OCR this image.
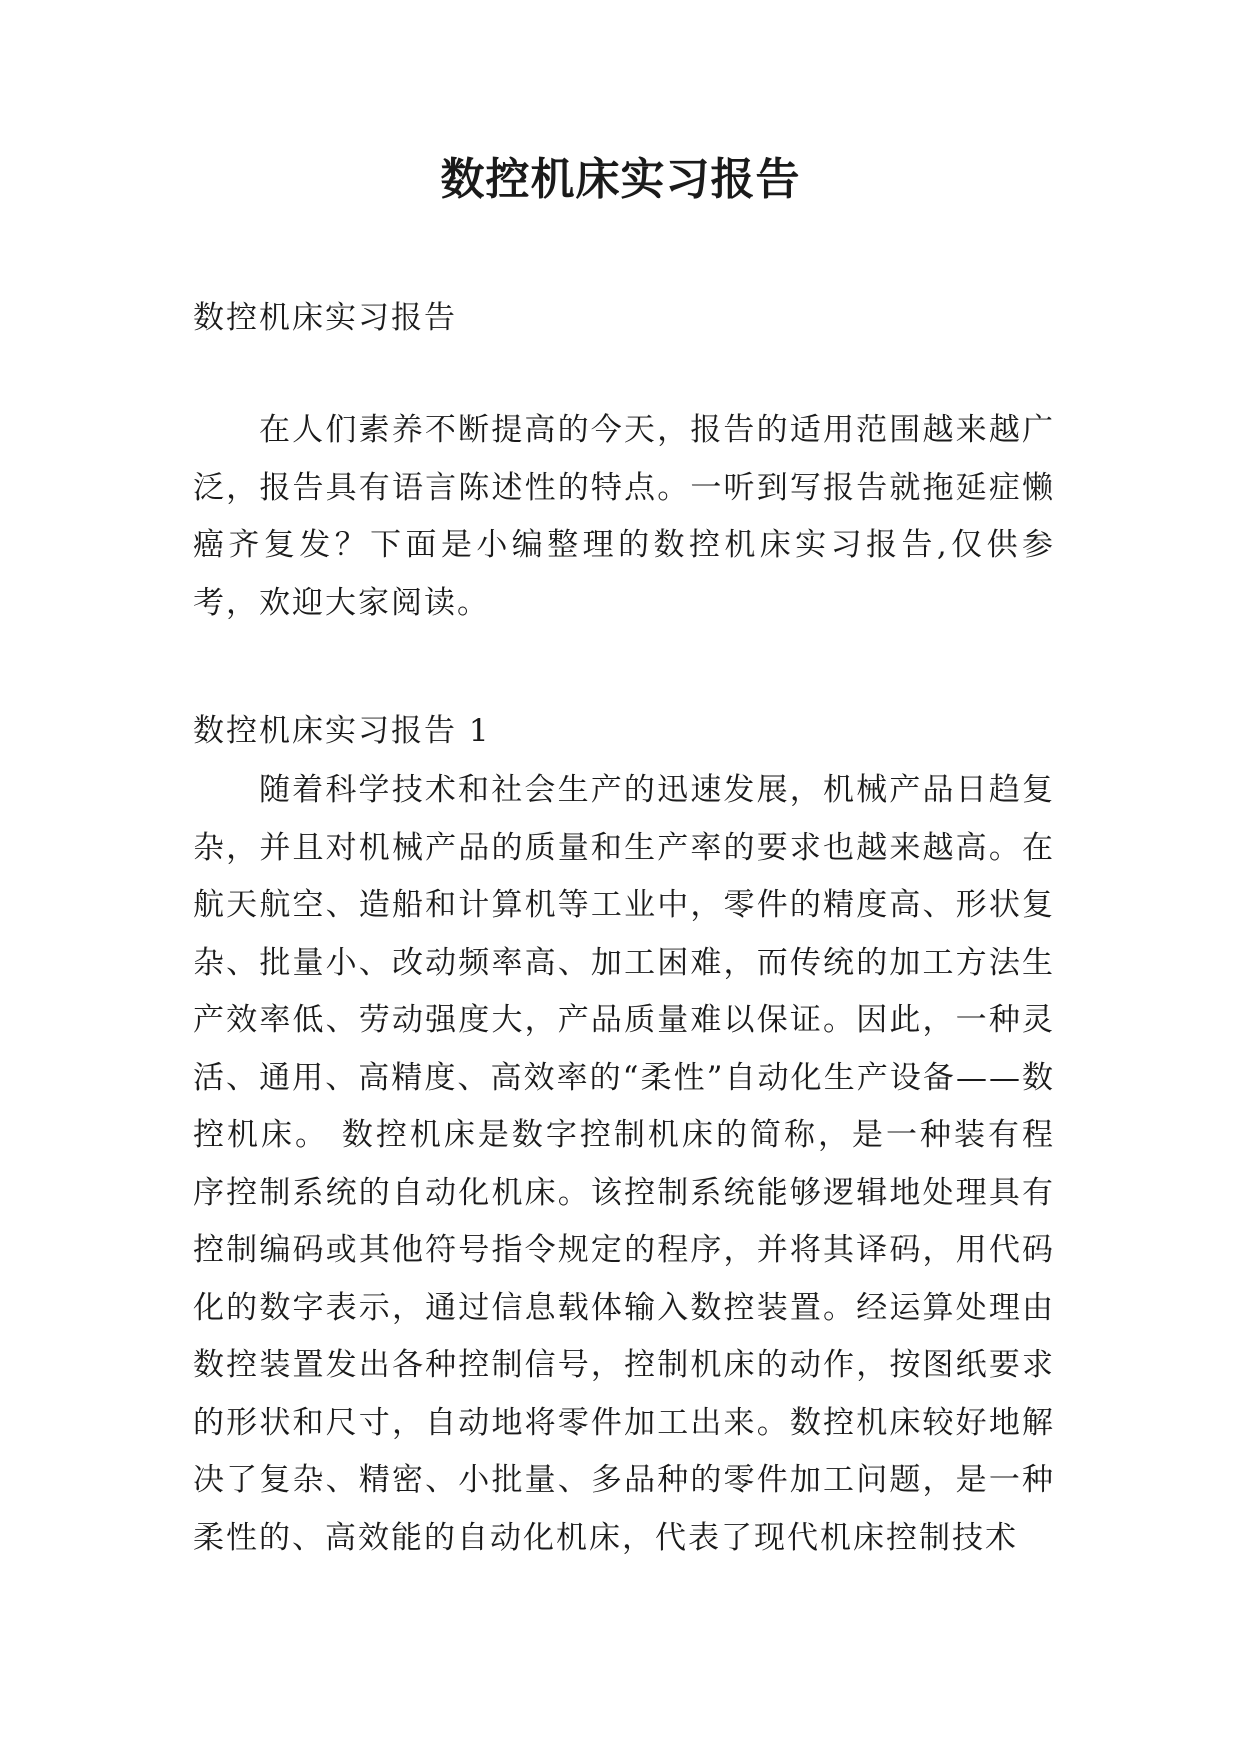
数控机床实习报告

数控机床实习报告

在人们素养不断提高的今天，报告的适用范围越来越广泛，报告具有语言陈述性的特点。一听到写报告就拖延症懒癌齐复发？下面是小编整理的数控机床实习报告,仅供参考，欢迎大家阅读。

数控机床实习报告 1

随着科学技术和社会生产的迅速发展，机械产品日趋复杂，并且对机械产品的质量和生产率的要求也越来越高。在航天航空、造船和计算机等工业中，零件的精度高、形状复杂、批量小、改动频率高、加工困难，而传统的加工方法生产效率低、劳动强度大，产品质量难以保证。因此，一种灵活、通用、高精度、高效率的“柔性”自动化生产设备——数控机床。 数控机床是数字控制机床的简称，是一种装有程序控制系统的自动化机床。该控制系统能够逻辑地处理具有控制编码或其他符号指令规定的程序，并将其译码，用代码化的数字表示，通过信息载体输入数控装置。经运算处理由数控装置发出各种控制信号，控制机床的动作，按图纸要求的形状和尺寸，自动地将零件加工出来。数控机床较好地解决了复杂、精密、小批量、多品种的零件加工问题，是一种柔性的、高效能的自动化机床，代表了现代机床控制技术
